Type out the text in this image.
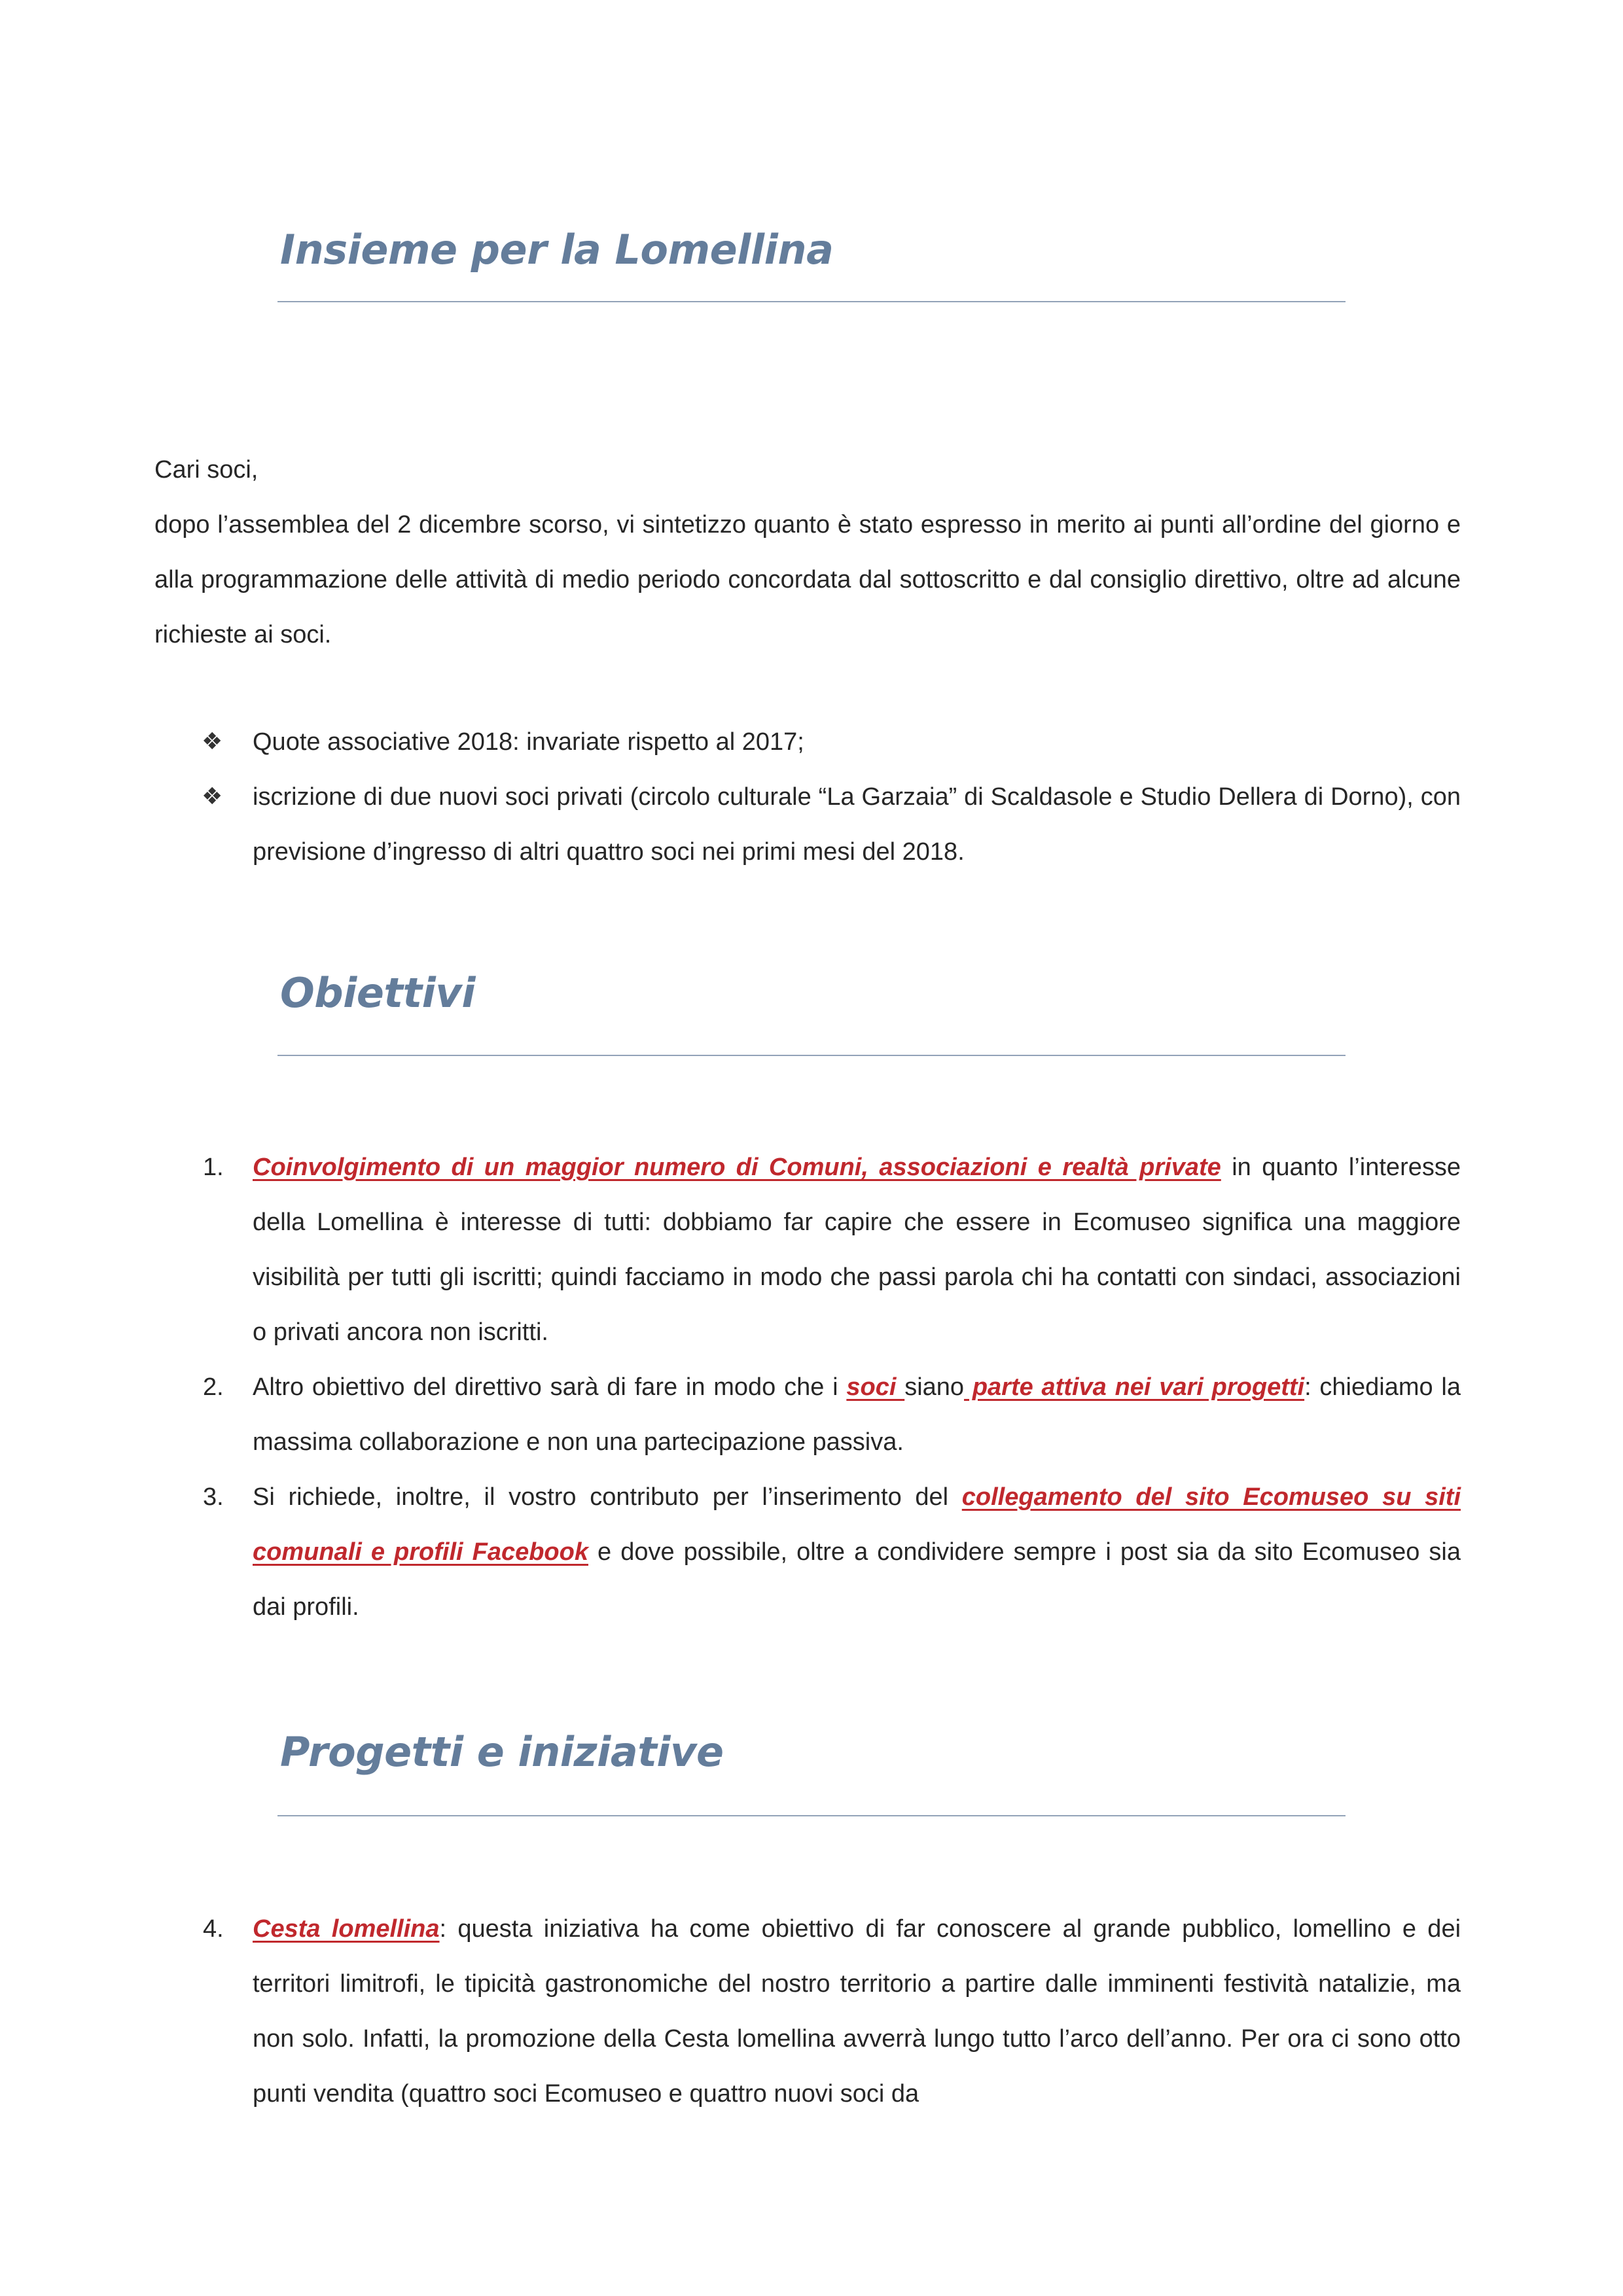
Insieme per la Lomellina

Cari soci,

dopo l’assemblea del 2 dicembre scorso, vi sintetizzo quanto è stato espresso in merito ai punti all’ordine del giorno e alla programmazione delle attività di medio periodo concordata dal sottoscritto e dal consiglio direttivo, oltre ad alcune richieste ai soci.

❖ Quote associative 2018: invariate rispetto al 2017;
❖ iscrizione di due nuovi soci privati (circolo culturale “La Garzaia” di Scaldasole e Studio Dellera di Dorno), con previsione d’ingresso di altri quattro soci nei primi mesi del 2018.
Obiettivi
1. Coinvolgimento di un maggior numero di Comuni, associazioni e realtà private in quanto l’interesse della Lomellina è interesse di tutti: dobbiamo far capire che essere in Ecomuseo significa una maggiore visibilità per tutti gli iscritti; quindi facciamo in modo che passi parola chi ha contatti con sindaci, associazioni o privati ancora non iscritti.
2. Altro obiettivo del direttivo sarà di fare in modo che i soci siano parte attiva nei vari progetti: chiediamo la massima collaborazione e non una partecipazione passiva.
3. Si richiede, inoltre, il vostro contributo per l’inserimento del collegamento del sito Ecomuseo su siti comunali e profili Facebook e dove possibile, oltre a condividere sempre i post sia da sito Ecomuseo sia dai profili.
Progetti e iniziative
4. Cesta lomellina: questa iniziativa ha come obiettivo di far conoscere al grande pubblico, lomellino e dei territori limitrofi, le tipicità gastronomiche del nostro territorio a partire dalle imminenti festività natalizie, ma non solo. Infatti, la promozione della Cesta lomellina avverrà lungo tutto l’arco dell’anno. Per ora ci sono otto punti vendita (quattro soci Ecomuseo e quattro nuovi soci da
